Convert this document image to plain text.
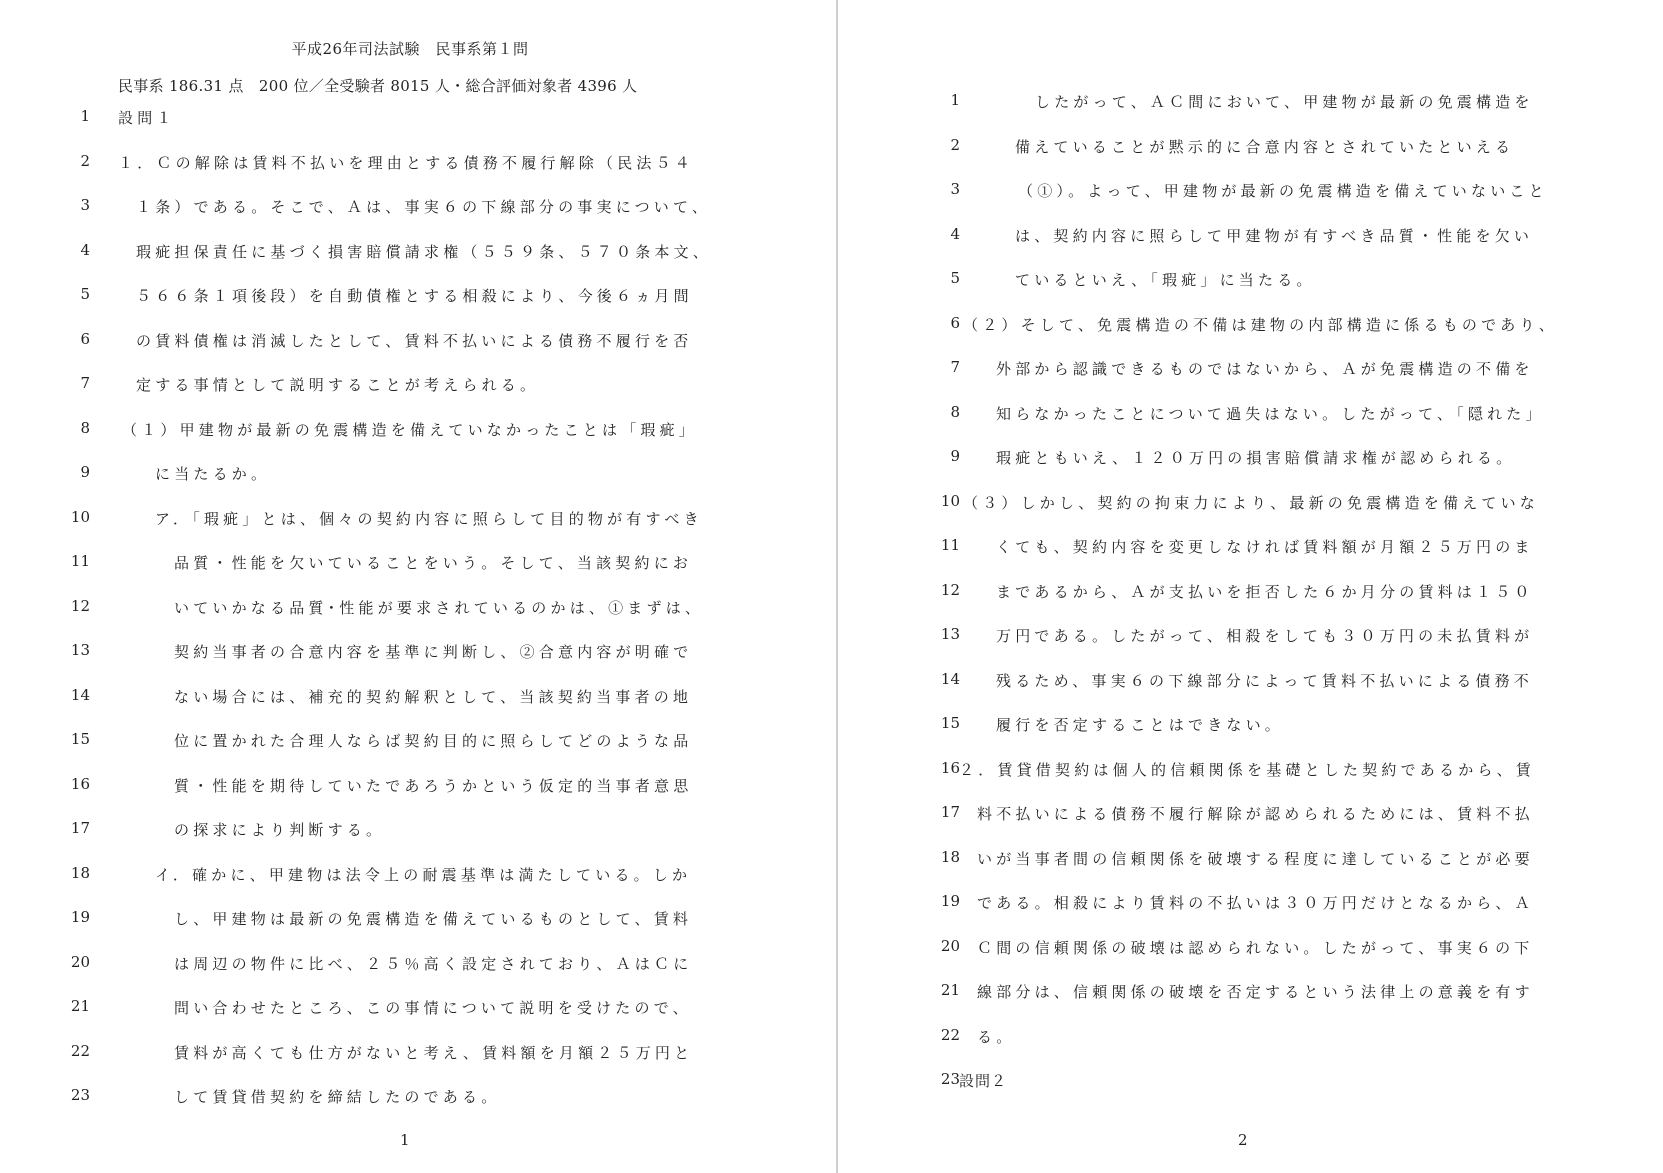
平成26年司法試験　民事系第１問
民事系 186.31 点　200 位／全受験者 8015 人・総合評価対象者 4396 人
1 設問１
2 １．Ｃの解除は賃料不払いを理由とする債務不履行解除（民法５４
3	１条）である。そこで、Ａは、事実６の下線部分の事実について、
4	瑕疵担保責任に基づく損害賠償請求権（５５９条、５７０条本文、
5	５６６条１項後段）を自動債権とする相殺により、今後６ヵ月間
6	の賃料債権は消滅したとして、賃料不払いによる債務不履行を否
7	定する事情として説明することが考えられる。
8 （１）甲建物が最新の免震構造を備えていなかったことは「瑕疵」
9	に当たるか。
10	ア．「瑕疵」とは、個々の契約内容に照らして目的物が有すべき
11	品質・性能を欠いていることをいう。そして、当該契約にお
12	いていかなる品質･性能が要求されているのかは、①まずは、
13	契約当事者の合意内容を基準に判断し、②合意内容が明確で
14	ない場合には、補充的契約解釈として、当該契約当事者の地
15	位に置かれた合理人ならば契約目的に照らしてどのような品
16	質・性能を期待していたであろうかという仮定的当事者意思
17	の探求により判断する。
18	イ．確かに、甲建物は法令上の耐震基準は満たしている。しか
19	し、甲建物は最新の免震構造を備えているものとして、賃料
20	は周辺の物件に比べ、２５％高く設定されており、ＡはＣに
21	問い合わせたところ、この事情について説明を受けたので、
22	賃料が高くても仕方がないと考え、賃料額を月額２５万円と
23	して賃貸借契約を締結したのである。
1
1	したがって、ＡＣ間において、甲建物が最新の免震構造を
2	備えていることが黙示的に合意内容とされていたといえる
3	（①）。よって、甲建物が最新の免震構造を備えていないこと
4	は、契約内容に照らして甲建物が有すべき品質・性能を欠い
5	ているといえ、「瑕疵」に当たる。
6 （２）そして、免震構造の不備は建物の内部構造に係るものであり、
7 外部から認識できるものではないから、Ａが免震構造の不備を
8 知らなかったことについて過失はない。したがって、「隠れた」
9 瑕疵ともいえ、１２０万円の損害賠償請求権が認められる。
10 （３）しかし、契約の拘束力により、最新の免震構造を備えていな
11 くても、契約内容を変更しなければ賃料額が月額２５万円のま
12 まであるから、Ａが支払いを拒否した６か月分の賃料は１５０
13 万円である。したがって、相殺をしても３０万円の未払賃料が
14 残るため、事実６の下線部分によって賃料不払いによる債務不
15 履行を否定することはできない。
16 ２．賃貸借契約は個人的信頼関係を基礎とした契約であるから、賃
17 料不払いによる債務不履行解除が認められるためには、賃料不払
18 いが当事者間の信頼関係を破壊する程度に達していることが必要
19 である。相殺により賃料の不払いは３０万円だけとなるから、Ａ
20 Ｃ間の信頼関係の破壊は認められない。したがって、事実６の下
21 線部分は、信頼関係の破壊を否定するという法律上の意義を有す
22 る。
23 設問２
2
